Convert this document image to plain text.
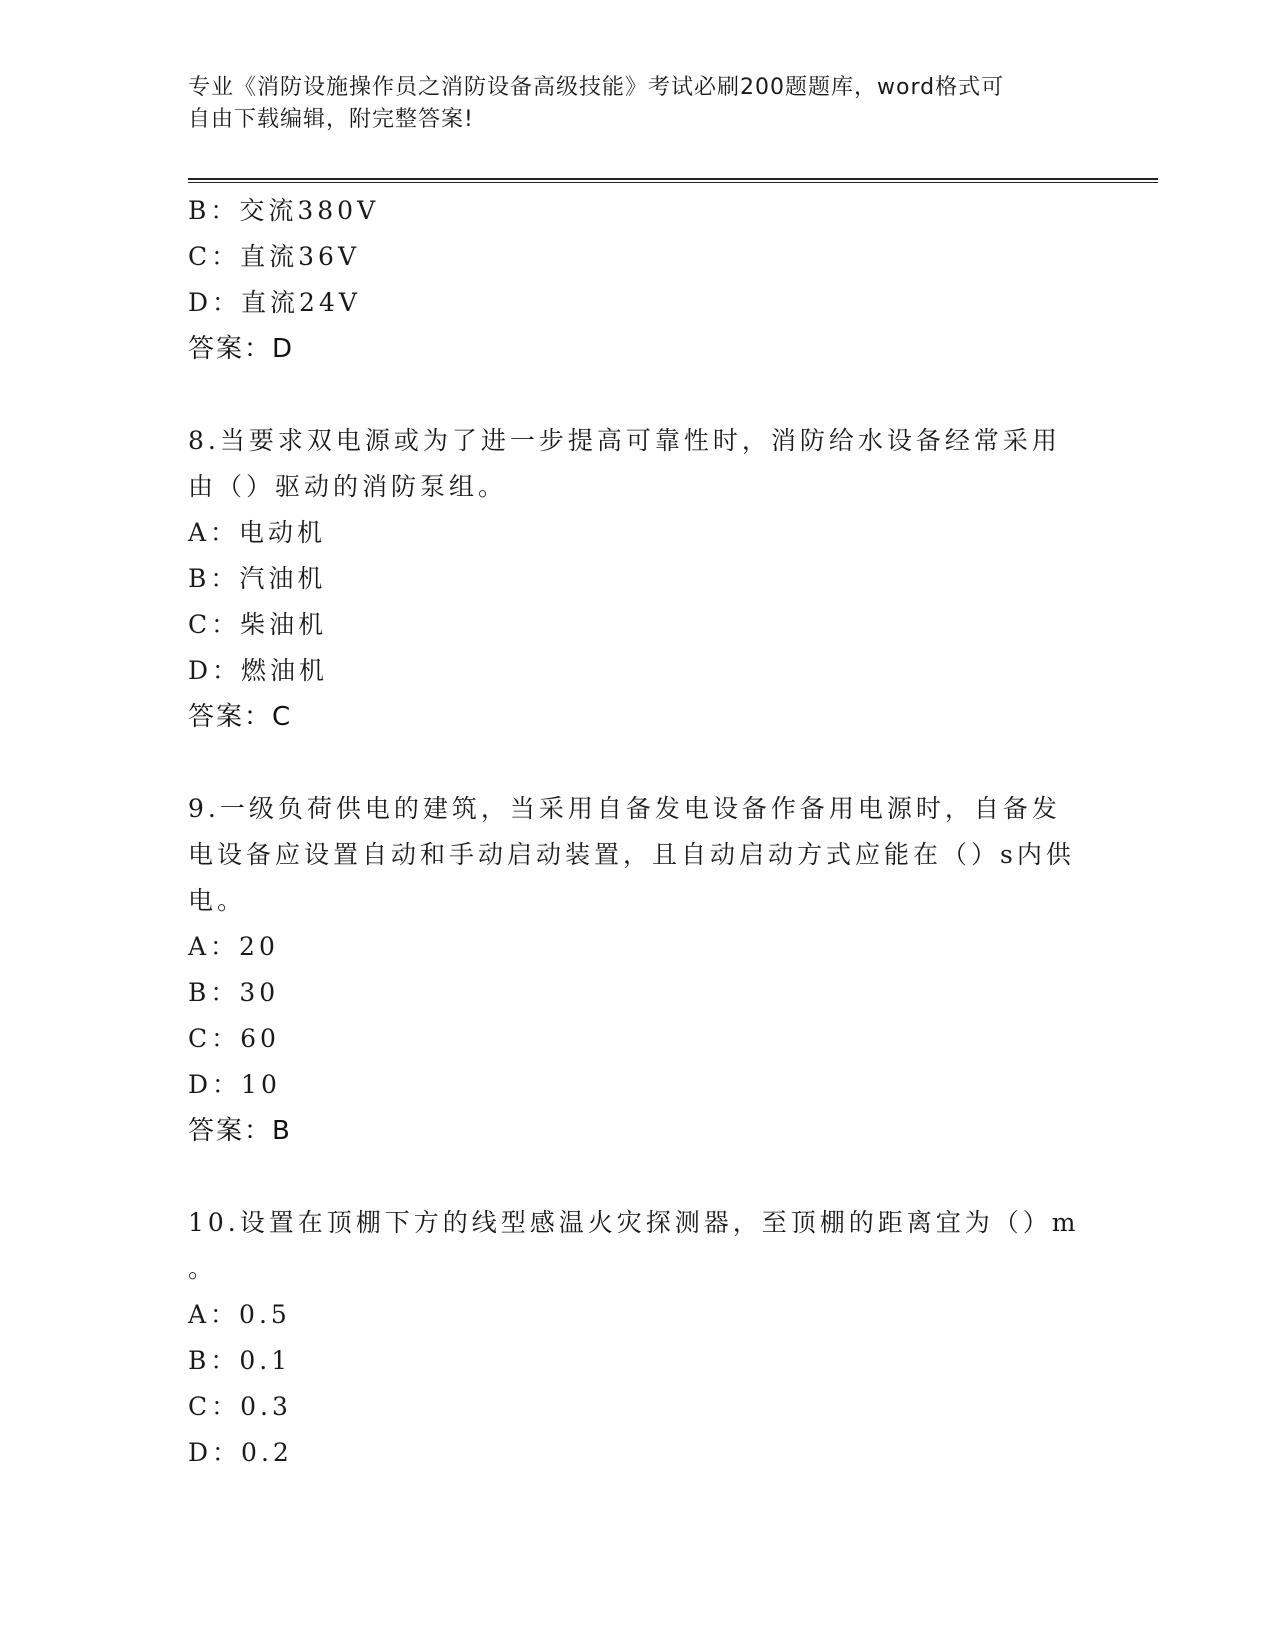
专业《消防设施操作员之消防设备高级技能》考试必刷200题题库，word格式可
自由下载编辑，附完整答案!
B：交流380V
C：直流36V
D：直流24V
答案：D
8.当要求双电源或为了进一步提高可靠性时，消防给水设备经常采用
由（）驱动的消防泵组。
A：电动机
B：汽油机
C：柴油机
D：燃油机
答案：C
9.一级负荷供电的建筑，当采用自备发电设备作备用电源时，自备发
电设备应设置自动和手动启动装置，且自动启动方式应能在（）s内供
电。
A：20
B：30
C：60
D：10
答案：B
10.设置在顶棚下方的线型感温火灾探测器，至顶棚的距离宜为（）m
。
A：0.5
B：0.1
C：0.3
D：0.2
